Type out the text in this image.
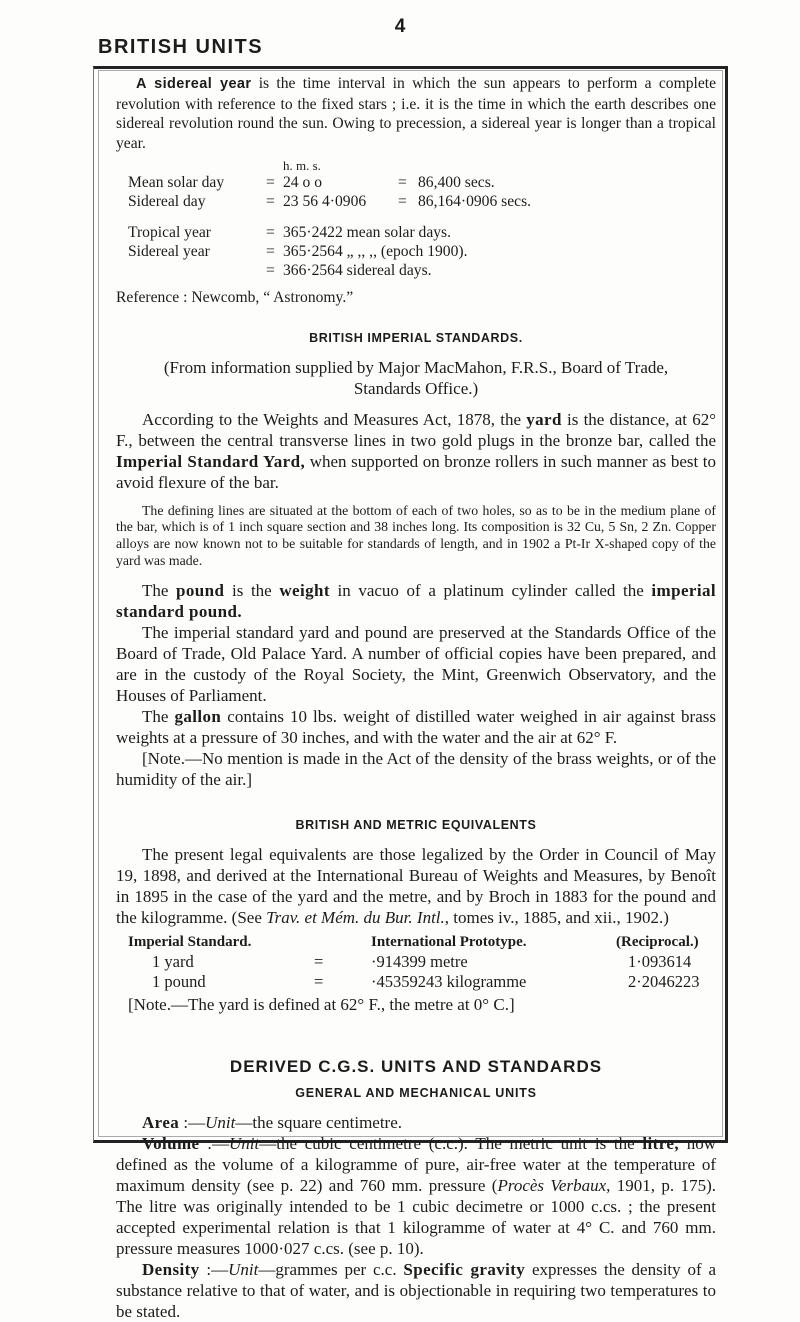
4
BRITISH UNITS

A sidereal year is the time interval in which the sun appears to perform a complete revolution with reference to the fixed stars ; i.e. it is the time in which the earth describes one sidereal revolution round the sun. Owing to precession, a sidereal year is longer than a tropical year.

h. m. s.
Mean solar day	= 24 o o	= 86,400 secs.
Sidereal day	= 23 56 4·0906 = 86,164·0906 secs.
Tropical year	= 365·2422 mean solar days.
Sidereal year	= 365·2564 „ ,, ,, (epoch 1900).
= 366·2564 sidereal days.

Reference : Newcomb, “ Astronomy.”

BRITISH IMPERIAL STANDARDS.
(From information supplied by Major MacMahon, F.R.S., Board of Trade,
Standards Office.)

According to the Weights and Measures Act, 1878, the yard is the distance, at 62° F., between the central transverse lines in two gold plugs in the bronze bar, called the Imperial Standard Yard, when supported on bronze rollers in such manner as best to avoid flexure of the bar.

The defining lines are situated at the bottom of each of two holes, so as to be in the medium plane of the bar, which is of 1 inch square section and 38 inches long. Its composition is 32 Cu, 5 Sn, 2 Zn. Copper alloys are now known not to be suitable for standards of length, and in 1902 a Pt-Ir X-shaped copy of the yard was made.

The pound is the weight in vacuo of a platinum cylinder called the imperial standard pound.

The imperial standard yard and pound are preserved at the Standards Office of the Board of Trade, Old Palace Yard. A number of official copies have been prepared, and are in the custody of the Royal Society, the Mint, Greenwich Observatory, and the Houses of Parliament.

The gallon contains 10 lbs. weight of distilled water weighed in air against brass weights at a pressure of 30 inches, and with the water and the air at 62° F.

[Note.—No mention is made in the Act of the density of the brass weights, or of the humidity of the air.]

BRITISH AND METRIC EQUIVALENTS

The present legal equivalents are those legalized by the Order in Council of May 19, 1898, and derived at the International Bureau of Weights and Measures, by Benoît in 1895 in the case of the yard and the metre, and by Broch in 1883 for the pound and the kilogramme. (See Trav. et Mém. du Bur. Intl., tomes iv., 1885, and xii., 1902.)

Imperial Standard.	International Prototype.	(Reciprocal.)
1 yard	=	·914399 metre	1·093614
1 pound	=	·45359243 kilogramme	2·2046223

[Note.—The yard is defined at 62° F., the metre at 0° C.]

DERIVED C.G.S. UNITS AND STANDARDS
GENERAL AND MECHANICAL UNITS

Area :—Unit—the square centimetre.

Volume :—Unit—the cubic centimetre (c.c.). The metric unit is the litre, now defined as the volume of a kilogramme of pure, air-free water at the temperature of maximum density (see p. 22) and 760 mm. pressure (Procès Verbaux, 1901, p. 175). The litre was originally intended to be 1 cubic decimetre or 1000 c.cs. ; the present accepted experimental relation is that 1 kilogramme of water at 4° C. and 760 mm. pressure measures 1000·027 c.cs. (see p. 10).

Density :—Unit—grammes per c.c. Specific gravity expresses the density of a substance relative to that of water, and is objectionable in requiring two temperatures to be stated.
